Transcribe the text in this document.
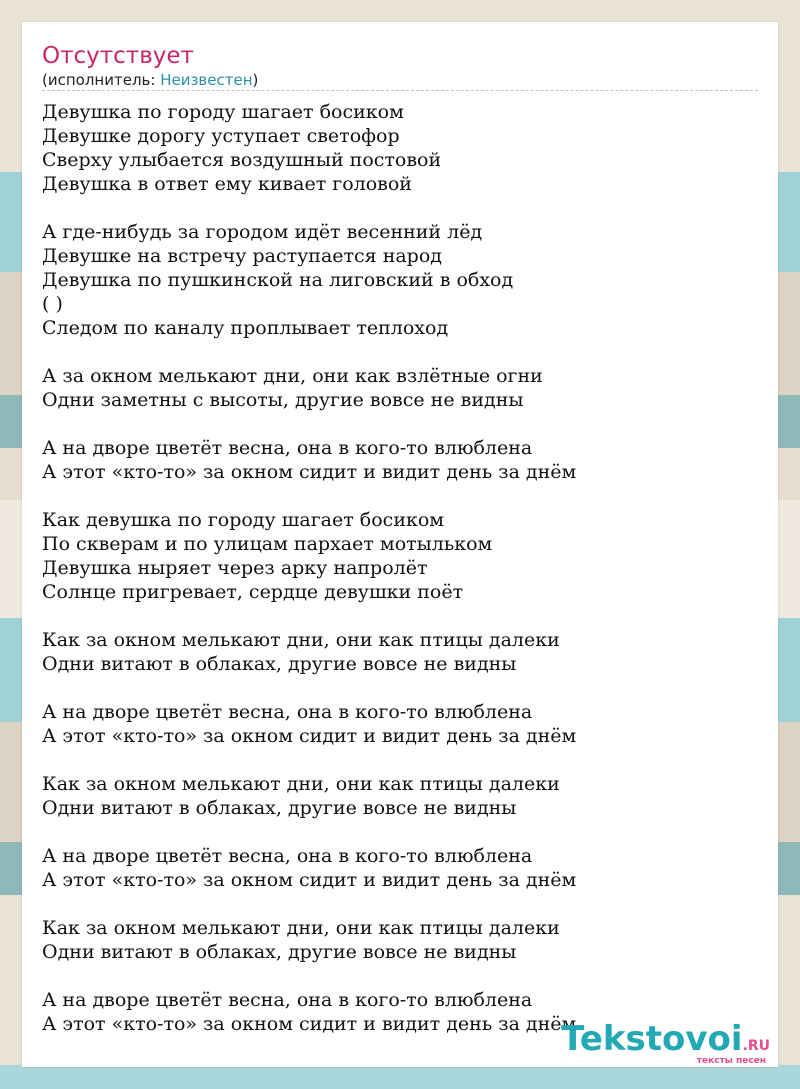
Отсутствует
(исполнитель: Неизвестен)
Девушка по городу шагает босиком
Девушке дорогу уступает светофор
Сверху улыбается воздушный постовой
Девушка в ответ ему кивает головой
А где-нибудь за городом идёт весенний лёд
Девушке на встречу раступается народ
Девушка по пушкинской на лиговский в обход
( )
Следом по каналу проплывает теплоход
А за окном мелькают дни, они как взлётные огни
Одни заметны с высоты, другие вовсе не видны
А на дворе цветёт весна, она в кого-то влюблена
А этот «кто-то» за окном сидит и видит день за днём
Как девушка по городу шагает босиком
По скверам и по улицам пархает мотыльком
Девушка ныряет через арку напролёт
Солнце пригревает, сердце девушки поёт
Как за окном мелькают дни, они как птицы далеки
Одни витают в облаках, другие вовсе не видны
А на дворе цветёт весна, она в кого-то влюблена
А этот «кто-то» за окном сидит и видит день за днём
Как за окном мелькают дни, они как птицы далеки
Одни витают в облаках, другие вовсе не видны
А на дворе цветёт весна, она в кого-то влюблена
А этот «кто-то» за окном сидит и видит день за днём
Как за окном мелькают дни, они как птицы далеки
Одни витают в облаках, другие вовсе не видны
А на дворе цветёт весна, она в кого-то влюблена
А этот «кто-то» за окном сидит и видит день за днём
Tekstovoi.RU
тексты песен
